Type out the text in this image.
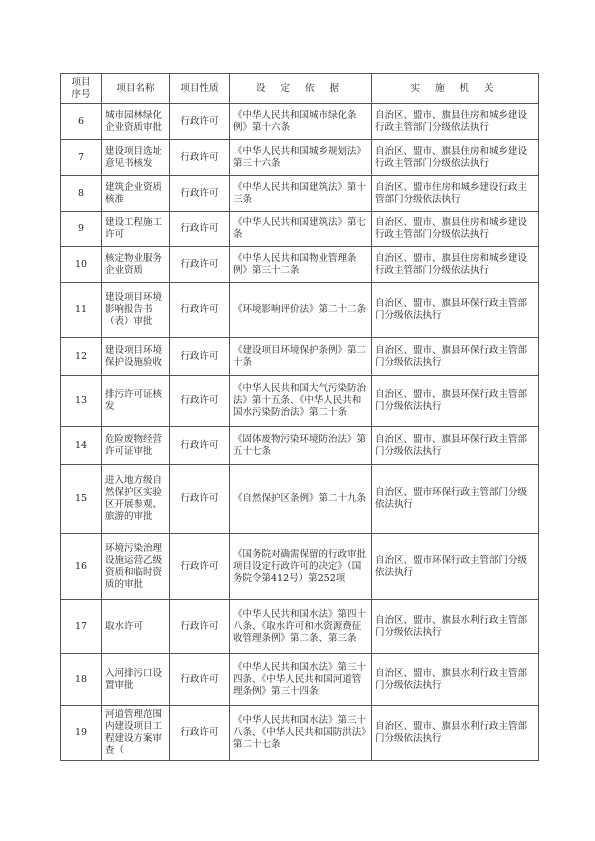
项目
序号	项目名称	项目性质	设 定 依 据	实 施 机 关
6	城市园林绿化企业资质审批	行政许可	《中华人民共和国城市绿化条例》第十六条	自治区、盟市、旗县住房和城乡建设行政主管部门分级依法执行
7	建设项目选址意见书核发	行政许可	《中华人民共和国城乡规划法》第三十六条	自治区、盟市、旗县住房和城乡建设行政主管部门分级依法执行
8	建筑企业资质核准	行政许可	《中华人民共和国建筑法》第十三条	自治区、盟市住房和城乡建设行政主管部门分级依法执行
9	建设工程施工许可	行政许可	《中华人民共和国建筑法》第七条	自治区、盟市、旗县住房和城乡建设行政主管部门分级依法执行
10	核定物业服务企业资质	行政许可	《中华人民共和国物业管理条例》第三十二条	自治区、盟市、旗县住房和城乡建设行政主管部门分级依法执行
11	建设项目环境影响报告书（表）审批	行政许可	《环境影响评价法》第二十二条	自治区、盟市、旗县环保行政主管部门分级依法执行
12	建设项目环境保护设施验收	行政许可	《建设项目环境保护条例》第二十条	自治区、盟市、旗县环保行政主管部门分级依法执行
13	排污许可证核发	行政许可	《中华人民共和国大气污染防治法》第十五条、《中华人民共和国水污染防治法》第二十条	自治区、盟市、旗县环保行政主管部门分级依法执行
14	危险废物经营许可证审批	行政许可	《固体废物污染环境防治法》第五十七条	自治区、盟市、旗县环保行政主管部门分级依法执行
15	进入地方级自然保护区实验区开展参观、旅游的审批	行政许可	《自然保护区条例》第二十九条	自治区、盟市环保行政主管部门分级依法执行
16	环境污染治理设施运营乙级资质和临时资质的审批	行政许可	《国务院对确需保留的行政审批项目设定行政许可的决定》（国务院令第412号）第252项	自治区、盟市环保行政主管部门分级依法执行
17	取水许可	行政许可	《中华人民共和国水法》第四十八条、《取水许可和水资源费征收管理条例》第二条、第三条	自治区、盟市、旗县水利行政主管部门分级依法执行
18	入河排污口设置审批	行政许可	《中华人民共和国水法》第三十四条、《中华人民共和国河道管理条例》第三十四条	自治区、盟市、旗县水利行政主管部门分级依法执行
19	河道管理范围内建设项目工程建设方案审查（	行政许可	《中华人民共和国水法》第三十八条、《中华人民共和国防洪法》第二十七条	自治区、盟市、旗县水利行政主管部门分级依法执行
